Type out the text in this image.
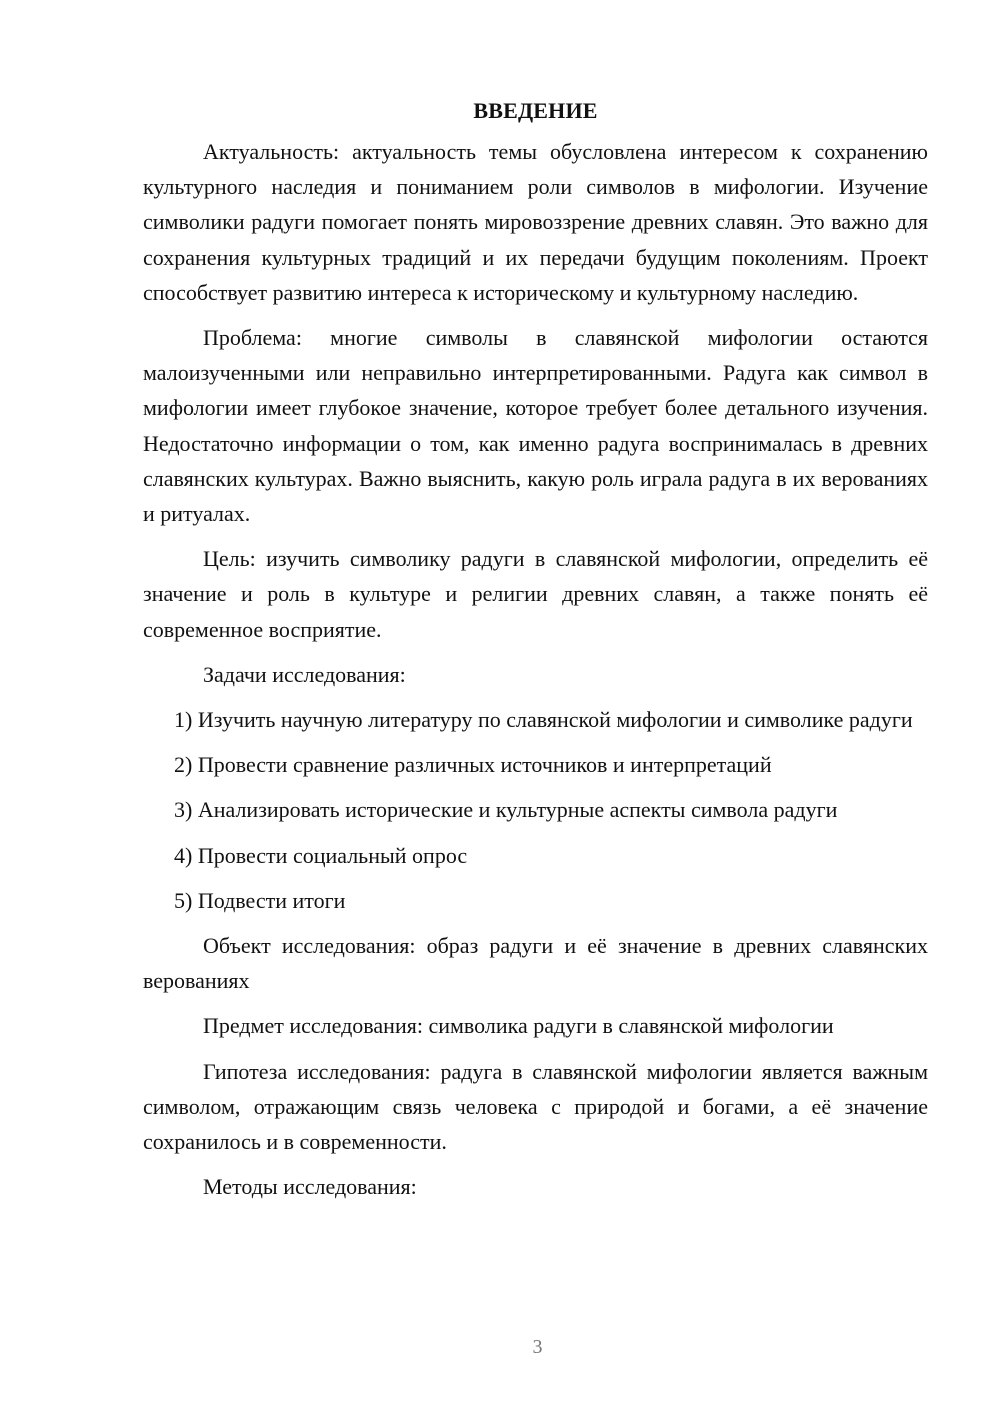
ВВЕДЕНИЕ

Актуальность: актуальность темы обусловлена интересом к сохранению культурного наследия и пониманием роли символов в мифологии. Изучение символики радуги помогает понять мировоззрение древних славян. Это важно для сохранения культурных традиций и их передачи будущим поколениям. Проект способствует развитию интереса к историческому и культурному наследию.

Проблема: многие символы в славянской мифологии остаются малоизученными или неправильно интерпретированными. Радуга как символ в мифологии имеет глубокое значение, которое требует более детального изучения. Недостаточно информации о том, как именно радуга воспринималась в древних славянских культурах. Важно выяснить, какую роль играла радуга в их верованиях и ритуалах.

Цель: изучить символику радуги в славянской мифологии, определить её значение и роль в культуре и религии древних славян, а также понять её современное восприятие.

Задачи исследования:

1) Изучить научную литературу по славянской мифологии и символике радуги

2) Провести сравнение различных источников и интерпретаций

3) Анализировать исторические и культурные аспекты символа радуги

4) Провести социальный опрос

5) Подвести итоги

Объект исследования: образ радуги и её значение в древних славянских верованиях

Предмет исследования: символика радуги в славянской мифологии

Гипотеза исследования: радуга в славянской мифологии является важным символом, отражающим связь человека с природой и богами, а её значение сохранилось и в современности.

Методы исследования:

3
